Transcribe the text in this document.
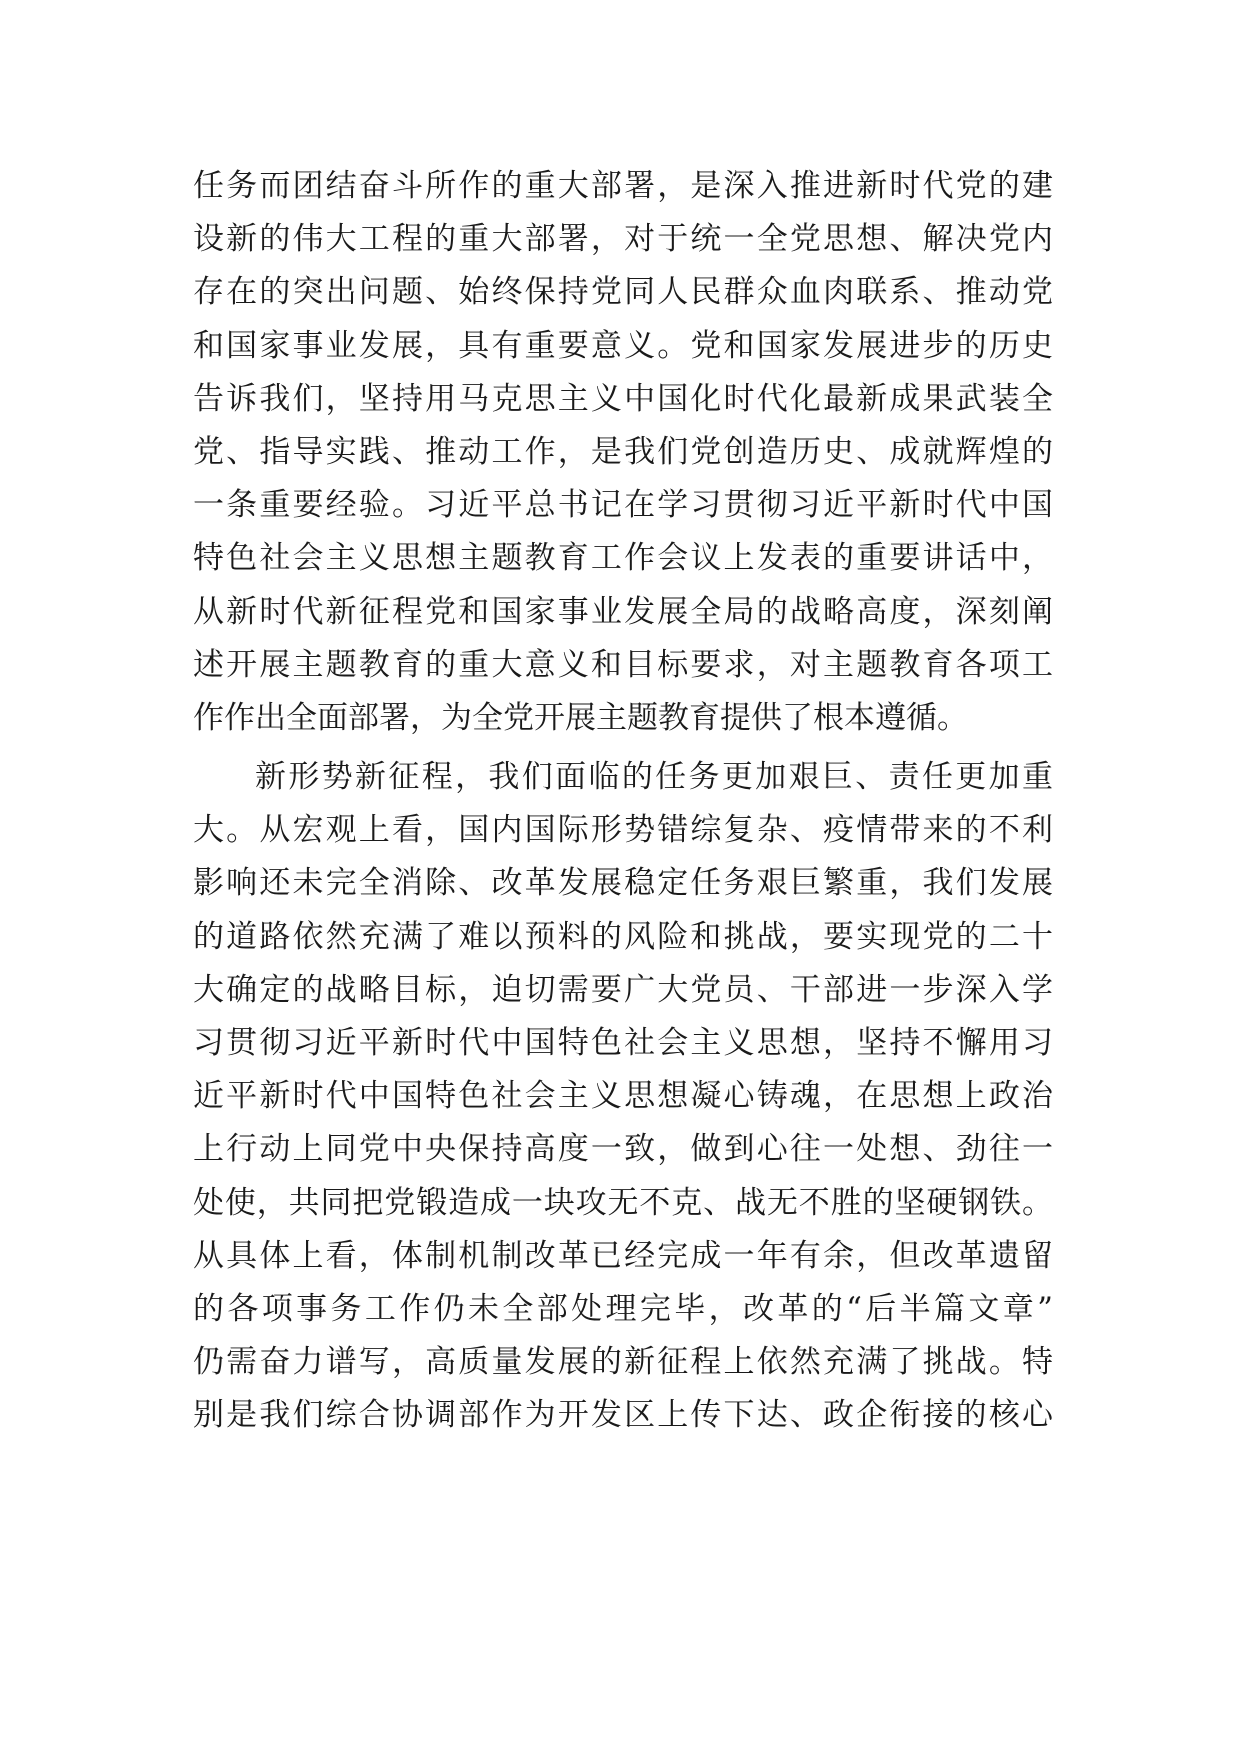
任务而团结奋斗所作的重大部署，是深入推进新时代党的建
设新的伟大工程的重大部署，对于统一全党思想、解决党内
存在的突出问题、始终保持党同人民群众血肉联系、推动党
和国家事业发展，具有重要意义。党和国家发展进步的历史
告诉我们，坚持用马克思主义中国化时代化最新成果武装全
党、指导实践、推动工作，是我们党创造历史、成就辉煌的
一条重要经验。习近平总书记在学习贯彻习近平新时代中国
特色社会主义思想主题教育工作会议上发表的重要讲话中，
从新时代新征程党和国家事业发展全局的战略高度，深刻阐
述开展主题教育的重大意义和目标要求，对主题教育各项工
作作出全面部署，为全党开展主题教育提供了根本遵循。
新形势新征程，我们面临的任务更加艰巨、责任更加重
大。从宏观上看，国内国际形势错综复杂、疫情带来的不利
影响还未完全消除、改革发展稳定任务艰巨繁重，我们发展
的道路依然充满了难以预料的风险和挑战，要实现党的二十
大确定的战略目标，迫切需要广大党员、干部进一步深入学
习贯彻习近平新时代中国特色社会主义思想，坚持不懈用习
近平新时代中国特色社会主义思想凝心铸魂，在思想上政治
上行动上同党中央保持高度一致，做到心往一处想、劲往一
处使，共同把党锻造成一块攻无不克、战无不胜的坚硬钢铁。
从具体上看，体制机制改革已经完成一年有余，但改革遗留
的各项事务工作仍未全部处理完毕，改革的“后半篇文章”
仍需奋力谱写，高质量发展的新征程上依然充满了挑战。特
别是我们综合协调部作为开发区上传下达、政企衔接的核心
